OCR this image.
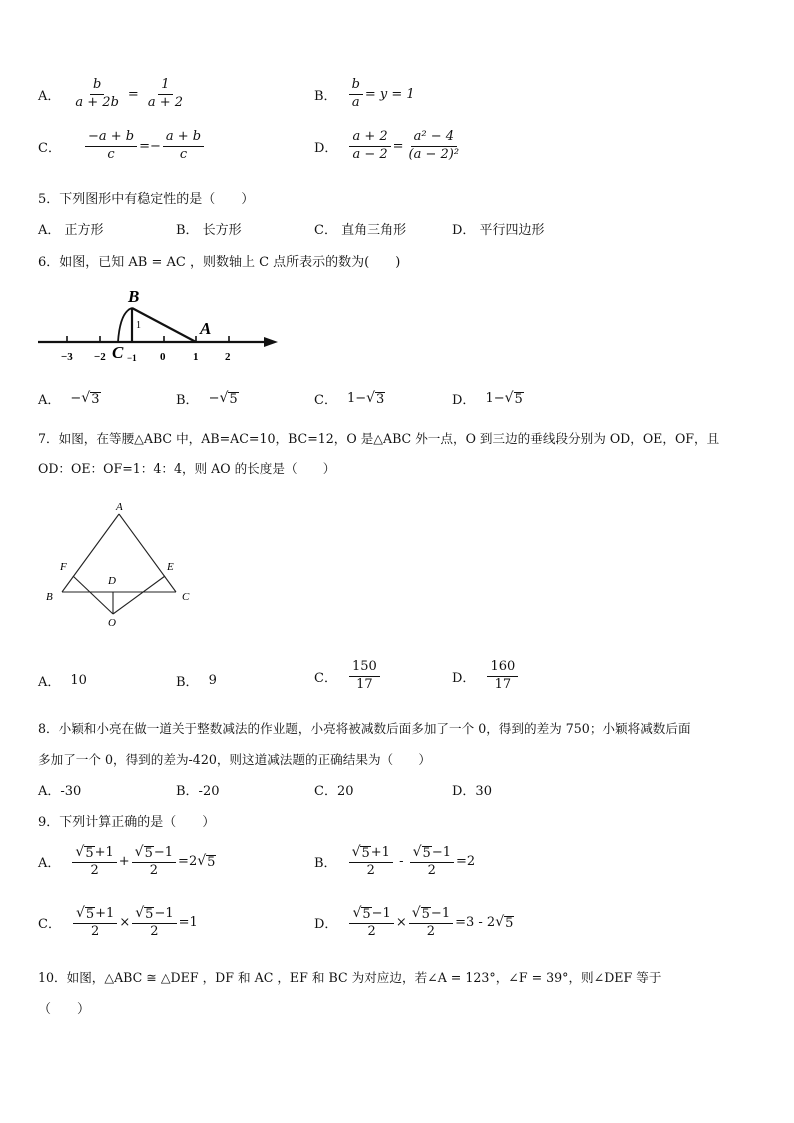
A． $\frac{b}{a + 2b} = \frac{1}{a + 2}$	B． $\frac{b}{a} = y = 1$
C． $\frac{-a + b}{c} =- \frac{a + b}{c}$	D． $\frac{a + 2}{a - 2} = \frac{\text{a² − 4}}{\text{(a − 2)²}}$
5．下列图形中有稳定性的是（　　）
A． 正方形	B． 长方形	C． 直角三角形	D． 平行四边形
6．如图，已知 AB = AC ，则数轴上 C 点所表示的数为(　　)
B
A
C
1
−3 −2 −1 0	1 2
A． − √ 3	B． − √ 5	C． 1− √ 3	D． 1− √ 5
7．如图，在等腰△ABC 中，AB=AC=10，BC=12，O 是△ABC 外一点，O 到三边的垂线段分别为 OD，OE，OF，且
OD：OE：OF=1：4：4，则 AO 的长度是（　　）
A
F	E
D
B	C
O
A． 10	B． 9	C． $\frac{150}{17}$	D． $\frac{160}{17}$
8．小颖和小亮在做一道关于整数减法的作业题，小亮将被减数后面多加了一个 0，得到的差为 750；小颖将减数后面
多加了一个 0，得到的差为-420，则这道减法题的正确结果为（　　）
A．-30	B．-20	C．20	D．30
9．下列计算正确的是（　　）
A． $\frac{√ 5 +1}{2} + \frac{√ 5 -1}{2} =2$ √ 5	B． $\frac{√ 5 +1}{2} - \frac{√ 5 -1}{2} =2$
C． $\frac{√ 5 +1}{2} \times \frac{√ 5 -1}{2} =1$	D． $\frac{√ 5 -1}{2} \times \frac{√ 5 -1}{2} =3 - 2$ √ 5
10．如图，△ABC ≅ △DEF ，DF 和 AC ，EF 和 BC 为对应边，若∠A = 123°，∠F = 39°，则∠DEF 等于
（　　）
